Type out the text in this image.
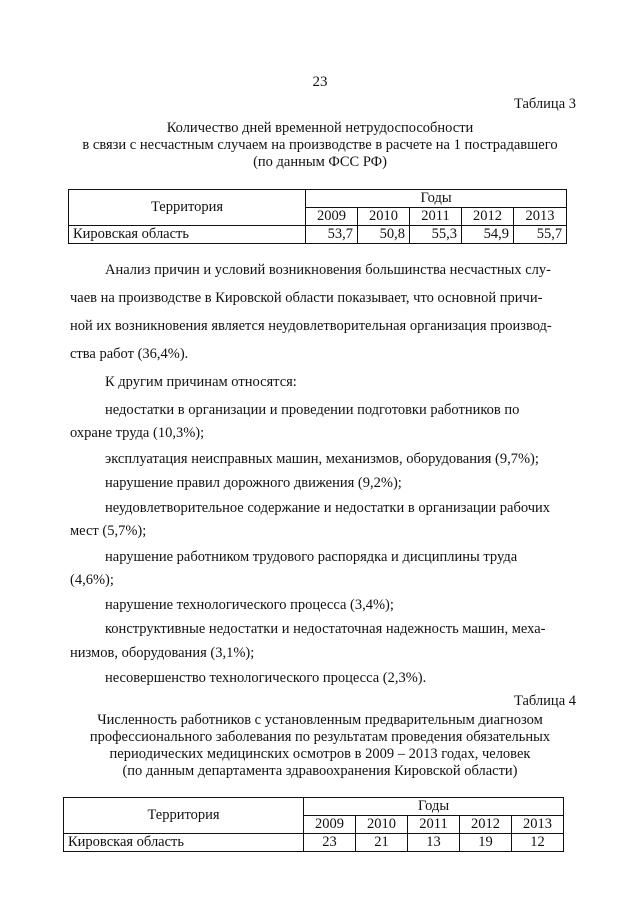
23
Таблица 3
Количество дней временной нетрудоспособности
в связи с несчастным случаем на производстве в расчете на 1 пострадавшего
(по данным ФСС РФ)
Территория	Годы				
	2009	2010	2011	2012	2013
Кировская область	53,7	50,8	55,3	54,9	55,7
Анализ причин и условий возникновения большинства несчастных слу-
чаев на производстве в Кировской области показывает, что основной причи-
ной их возникновения является неудовлетворительная организация производ-
ства работ (36,4%).
К другим причинам относятся:
недостатки в организации и проведении подготовки работников по
охране труда (10,3%);
эксплуатация неисправных машин, механизмов, оборудования (9,7%);
нарушение правил дорожного движения (9,2%);
неудовлетворительное содержание и недостатки в организации рабочих
мест (5,7%);
нарушение работником трудового распорядка и дисциплины труда
(4,6%);
нарушение технологического процесса (3,4%);
конструктивные недостатки и недостаточная надежность машин, меха-
низмов, оборудования (3,1%);
несовершенство технологического процесса (2,3%).
Таблица 4
Численность работников с установленным предварительным диагнозом
профессионального заболевания по результатам проведения обязательных
периодических медицинских осмотров в 2009 – 2013 годах, человек
(по данным департамента здравоохранения Кировской области)
Территория	Годы				
	2009	2010	2011	2012	2013
Кировская область	23	21	13	19	12
